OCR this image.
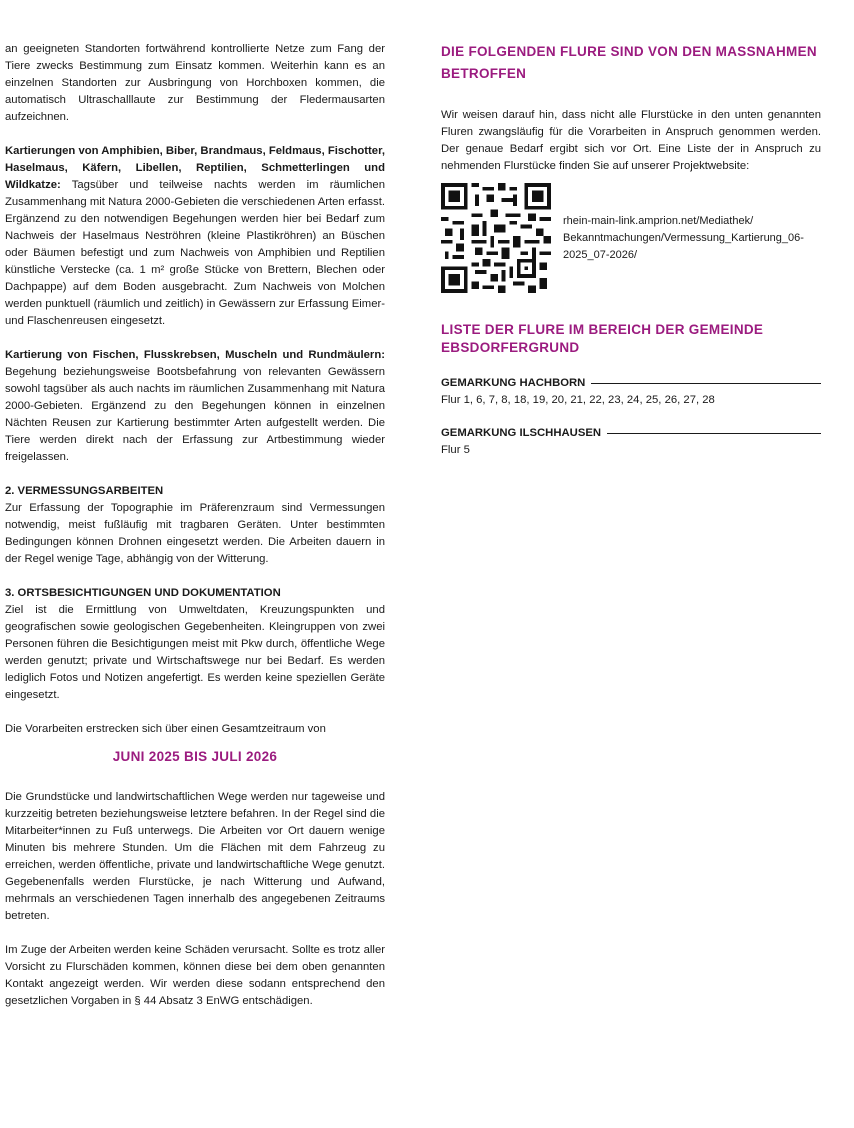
an geeigneten Standorten fortwährend kontrollierte Netze zum Fang der Tiere zwecks Bestimmung zum Einsatz kommen. Weiterhin kann es an einzelnen Standorten zur Ausbringung von Horchboxen kommen, die automatisch Ultraschalllaute zur Bestimmung der Fledermausarten aufzeichnen.

Kartierungen von Amphibien, Biber, Brandmaus, Feldmaus, Fischotter, Haselmaus, Käfern, Libellen, Reptilien, Schmetterlingen und Wildkatze: Tagsüber und teilweise nachts werden im räumlichen Zusammenhang mit Natura 2000-Gebieten die verschiedenen Arten erfasst. Ergänzend zu den notwendigen Begehungen werden hier bei Bedarf zum Nachweis der Haselmaus Neströhren (kleine Plastikröhren) an Büschen oder Bäumen befestigt und zum Nachweis von Amphibien und Reptilien künstliche Verstecke (ca. 1 m² große Stücke von Brettern, Blechen oder Dachpappe) auf dem Boden ausgebracht. Zum Nachweis von Molchen werden punktuell (räumlich und zeitlich) in Gewässern zur Erfassung Eimer- und Flaschenreusen eingesetzt.

Kartierung von Fischen, Flusskrebsen, Muscheln und Rundmäulern: Begehung beziehungsweise Bootsbefahrung von relevanten Gewässern sowohl tagsüber als auch nachts im räumlichen Zusammenhang mit Natura 2000-Gebieten. Ergänzend zu den Begehungen können in einzelnen Nächten Reusen zur Kartierung bestimmter Arten aufgestellt werden. Die Tiere werden direkt nach der Erfassung zur Artbestimmung wieder freigelassen.

2. VERMESSUNGSARBEITEN

Zur Erfassung der Topographie im Präferenzraum sind Vermessungen notwendig, meist fußläufig mit tragbaren Geräten. Unter bestimmten Bedingungen können Drohnen eingesetzt werden. Die Arbeiten dauern in der Regel wenige Tage, abhängig von der Witterung.

3. ORTSBESICHTIGUNGEN UND DOKUMENTATION

Ziel ist die Ermittlung von Umweltdaten, Kreuzungspunkten und geografischen sowie geologischen Gegebenheiten. Kleingruppen von zwei Personen führen die Besichtigungen meist mit Pkw durch, öffentliche Wege werden genutzt; private und Wirtschaftswege nur bei Bedarf. Es werden lediglich Fotos und Notizen angefertigt. Es werden keine speziellen Geräte eingesetzt.

Die Vorarbeiten erstrecken sich über einen Gesamtzeitraum von

JUNI 2025 BIS JULI 2026

Die Grundstücke und landwirtschaftlichen Wege werden nur tageweise und kurzzeitig betreten beziehungsweise letztere befahren. In der Regel sind die Mitarbeiter*innen zu Fuß unterwegs. Die Arbeiten vor Ort dauern wenige Minuten bis mehrere Stunden. Um die Flächen mit dem Fahrzeug zu erreichen, werden öffentliche, private und landwirtschaftliche Wege genutzt. Gegebenenfalls werden Flurstücke, je nach Witterung und Aufwand, mehrmals an verschiedenen Tagen innerhalb des angegebenen Zeitraums betreten.

Im Zuge der Arbeiten werden keine Schäden verursacht. Sollte es trotz aller Vorsicht zu Flurschäden kommen, können diese bei dem oben genannten Kontakt angezeigt werden. Wir werden diese sodann entsprechend den gesetzlichen Vorgaben in § 44 Absatz 3 EnWG entschädigen.

DIE FOLGENDEN FLURE SIND VON DEN MASSNAHMEN BETROFFEN

Wir weisen darauf hin, dass nicht alle Flurstücke in den unten genannten Fluren zwangsläufig für die Vorarbeiten in Anspruch genommen werden. Der genaue Bedarf ergibt sich vor Ort. Eine Liste der in Anspruch zu nehmenden Flurstücke finden Sie auf unserer Projektwebsite:

rhein-main-link.amprion.net/Mediathek/ Bekanntmachungen/Vermessung_Kartierung_06-2025_07-2026/
LISTE DER FLURE IM BEREICH DER GEMEINDE EBSDORFERGRUND
GEMARKUNG HACHBORN
Flur 1, 6, 7, 8, 18, 19, 20, 21, 22, 23, 24, 25, 26, 27, 28
GEMARKUNG ILSCHHAUSEN
Flur 5
